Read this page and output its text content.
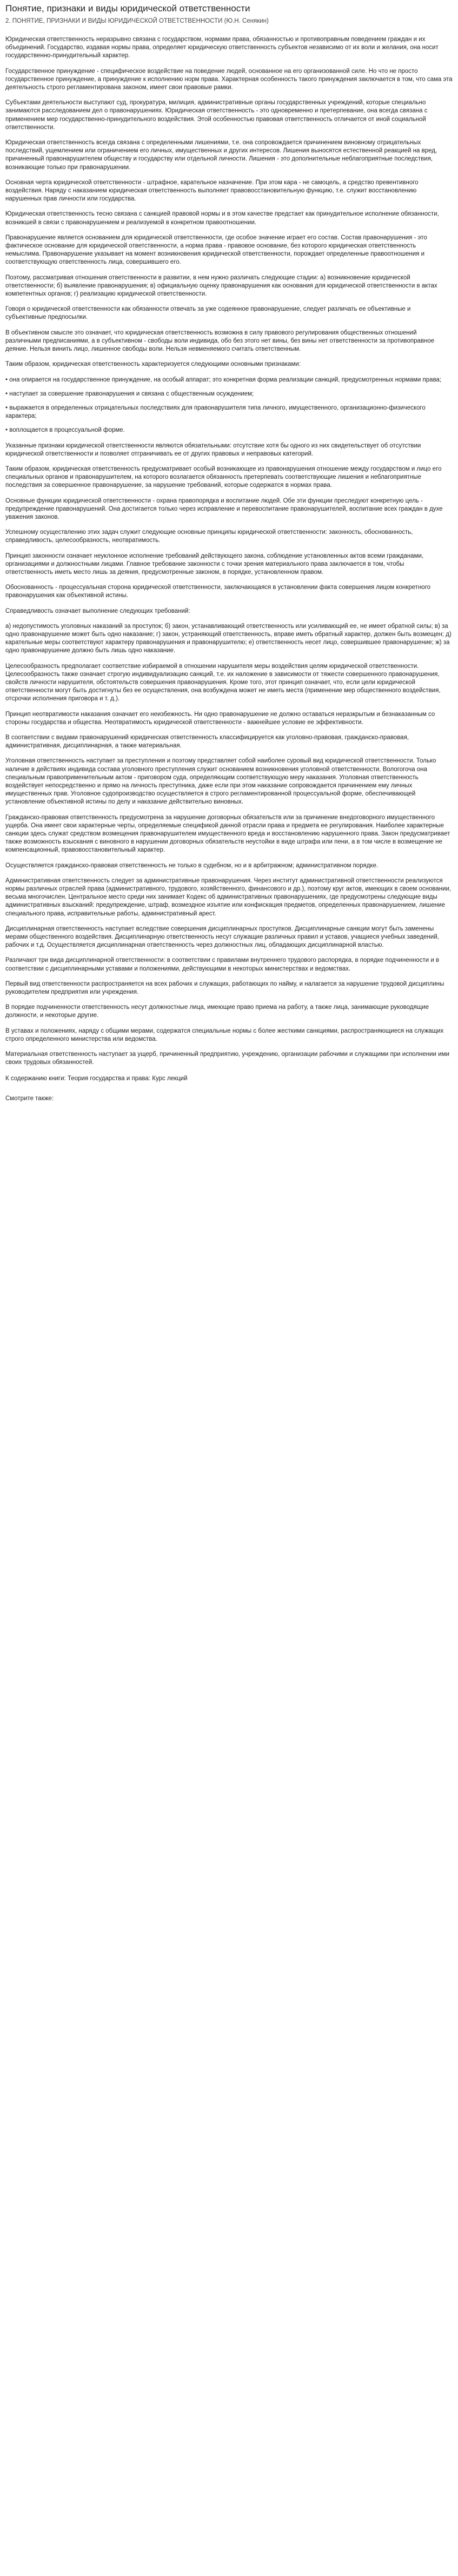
Понятие, признаки и виды юридической ответственности
2. ПОНЯТИЕ, ПРИЗНАКИ И ВИДЫ ЮРИДИЧЕСКОЙ ОТВЕТСТВЕННОСТИ (Ю.Н. Сенякин)

Юридическая ответственность неразрывно связана с государством, нормами права, обязанностью и противоправным поведением граждан и их объединений. Государство, издавая нормы права, определяет юридическую ответственность субъектов независимо от их воли и желания, она носит государственно-принудительный характер.

Государственное принуждение - специфическое воздействие на поведение людей, основанное на его организованной силе. Но что не просто государственное принуждение, а принуждение к исполнению норм права. Характерная особенность такого принуждения заключается в том, что сама эта деятельность строго регламентирована законом, имеет свои правовые рамки.

Субъектами деятельности выступают суд, прокуратура, милиция, административные органы государственных учреждений, которые специально занимаются расследованием дел о правонарушениях. Юридическая ответственность - это одновременно и претерпевание, она всегда связана с применением мер государственно-принудительного воздействия. Этой особенностью правовая ответственность отличается от иной социальной ответственности.

Юридическая ответственность всегда связана с определенными лишениями, т.е. она сопровождается причинением виновному отрицательных последствий, ущемлением или ограничением его личных, имущественных и других интересов. Лишения выносятся естественной реакцией на вред, причиненный правонарушителем обществу и государству или отдельной личности. Лишения - это дополнительные неблагоприятные последствия, возникающие только при правонарушении.

Основная черта юридической ответственности - штрафное, карательное назначение. При этом кара - не самоцель, а средство превентивного воздействия. Наряду с наказанием юридическая ответственность выполняет правовосстановительную функцию, т.е. служит восстановлению нарушенных прав личности или государства.

Юридическая ответственность тесно связана с санкцией правовой нормы и в этом качестве предстает как принудительное исполнение обязанности, возникшей в связи с правонарушением и реализуемой в конкретном правоотношении.

Правонарушение является основанием для юридической ответственности, где особое значение играет его состав. Состав правонарушения - это фактическое основание для юридической ответственности, а норма права - правовое основание, без которого юридическая ответственность немыслима. Правонарушение указывает на момент возникновения юридической ответственности, порождает определенные правоотношения и соответствующую ответственность лица, совершившего его.

Поэтому, рассматривая отношения ответственности в развитии, в нем нужно различать следующие стадии: а) возникновение юридической ответственности; б) выявление правонарушения; в) официальную оценку правонарушения как основания для юридической ответственности в актах компетентных органов; г) реализацию юридической ответственности.

Говоря о юридической ответственности как обязанности отвечать за уже содеянное правонарушение, следует различать ее объективные и субъективные предпосылки.

В объективном смысле это означает, что юридическая ответственность возможна в силу правового регулирования общественных отношений различными предписаниями, а в субъективном - свободы воли индивида, обо без этого нет вины, без вины нет ответственности за противоправное деяние. Нельзя винить лицо, лишенное свободы воли. Нельзя невменяемого считать ответственным.

Таким образом, юридическая ответственность характеризуется следующими основными признаками:

• она опирается на государственное принуждение, на особый аппарат; это конкретная форма реализации санкций, предусмотренных нормами права;
• наступает за совершение правонарушения и связана с общественным осуждением;
• выражается в определенных отрицательных последствиях для правонарушителя типа личного, имущественного, организационно-физического характера;
• воплощается в процессуальной форме.

Указанные признаки юридической ответственности являются обязательными: отсутствие хотя бы одного из них свидетельствует об отсутствии юридической ответственности и позволяет отграничивать ее от других правовых и неправовых категорий.

Таким образом, юридическая ответственность предусматривает особый возникающее из правонарушения отношение между государством и лицо его специальных органов и правонарушителем, на которого возлагается обязанность претерпевать соответствующие лишения и неблагоприятные последствия за совершенное правонарушение, за нарушение требований, которые содержатся в нормах права.

Основные функции юридической ответственности - охрана правопорядка и воспитание людей. Обе эти функции преследуют конкретную цель - предупреждение правонарушений. Она достигается только через исправление и перевоспитание правонарушителей, воспитание всех граждан в духе уважения законов.

Успешному осуществлению этих задач служит следующие основные принципы юридической ответственности: законность, обоснованность, справедливость, целесообразность, неотвратимость.

Принцип законности означает неуклонное исполнение требований действующего закона, соблюдение установленных актов всеми гражданами, организациями и должностными лицами. Главное требование законности с точки зрения материального права заключается в том, чтобы ответственность иметь место лишь за деяния, предусмотренные законом, в порядке, установленном правом.

Обоснованность - процессуальная сторона юридической ответственности, заключающаяся в установлении факта совершения лицом конкретного правонарушения как объективной истины.

Справедливость означает выполнение следующих требований:

а) недопустимость уголовных наказаний за проступок; б) закон, устанавливающий ответственность или усиливающий ее, не имеет обратной силы; в) за одно правонарушение может быть одно наказание; г) закон, устраняющий ответственность, вправе иметь обратный характер, должен быть возмещен; д) карательные меры соответствуют характеру правонарушения и правонарушителю; е) ответственность несет лицо, совершившее правонарушение; ж) за одно правонарушение должно быть лишь одно наказание.

Целесообразность предполагает соответствие избираемой в отношении нарушителя меры воздействия целям юридической ответственности. Целесообразность также означает строгую индивидуализацию санкций, т.е. их наложение в зависимости от тяжести совершенного правонарушения, свойств личности нарушителя, обстоятельств совершения правонарушения. Кроме того, этот принцип означает, что, если цели юридической ответственности могут быть достигнуты без ее осуществления, она возбуждена может не иметь места (применение мер общественного воздействия, отсрочки исполнения приговора и т. д.).

Принцип неотвратимости наказания означает его неизбежность. Ни одно правонарушение не должно оставаться неразкрытым и безнаказанным со стороны государства и общества. Неотвратимость юридической ответственности - важнейшее условие ее эффективности.

В соответствии с видами правонарушений юридическая ответственность классифицируется как уголовно-правовая, гражданско-правовая, административная, дисциплинарная, а также материальная.

Уголовная ответственность наступает за преступления и поэтому представляет собой наиболее суровый вид юридической ответственности. Только наличие в действиях индивида состава уголовного преступления служит основанием возникновения уголовной ответственности. Вологогоча она специальным правоприменительным актом - приговором суда, определяющим соответствующую меру наказания. Уголовная ответственность воздействует непосредственно и прямо на личность преступника, даже если при этом наказание сопровождается причинением ему личных имущественных прав. Уголовное судопроизводство осуществляется в строго регламентированной процессуальной форме, обеспечивающей установление объективной истины по делу и наказание действительно виновных.

Гражданско-правовая ответственность предусмотрена за нарушение договорных обязательств или за причинение внедоговорного имущественного ущерба. Она имеет свои характерные черты, определяемые спецификой данной отрасли права и предмета ее регулирования. Наиболее характерные санкции здесь служат средством возмещения правонарушителем имущественного вреда и восстановлению нарушенного права. Закон предусматривает также возможность взыскания с виновного в нарушении договорных обязательств неустойки в виде штрафа или пени, а в том числе в возмещение не компенсационный, правовосстановительный характер.

Осуществляется гражданско-правовая ответственность не только в судебном, но и в арбитражном; административном порядке.

Административная ответственность следует за административные правонарушения. Через институт административной ответственности реализуются нормы различных отраслей права (административного, трудового, хозяйственного, финансового и др.), поэтому круг актов, имеющих в своем основании, весьма многочислен. Центральное место среди них занимает Кодекс об административных правонарушениях, где предусмотрены следующие виды административных взысканий: предупреждение, штраф, возмездное изъятие или конфискация предметов, определенных правонарушением, лишение специального права, исправительные работы, административный арест.

Дисциплинарная ответственность наступает вследствие совершения дисциплинарных проступков. Дисциплинарные санкции могут быть заменены мерами общественного воздействия. Дисциплинарную ответственность несут служащие различных правил и уставов, учащиеся учебных заведений, рабочих и т.д. Осуществляется дисциплинарная ответственность через должностных лиц, обладающих дисциплинарной властью.

Различают три вида дисциплинарной ответственности: в соответствии с правилами внутреннего трудового распорядка, в порядке подчиненности и в соответствии с дисциплинарными уставами и положениями, действующими в некоторых министерствах и ведомствах.

Первый вид ответственности распространяется на всех рабочих и служащих, работающих по найму, и налагается за нарушение трудовой дисциплины руководителем предприятия или учреждения.

В порядке подчиненности ответственность несут должностные лица, имеющие право приема на работу, а также лица, занимающие руководящие должности, и некоторые другие.

В уставах и положениях, наряду с общими мерами, содержатся специальные нормы с более жесткими санкциями, распространяющиеся на служащих строго определенного министерства или ведомства.

Материальная ответственность наступает за ущерб, причиненный предприятию, учреждению, организации рабочими и служащими при исполнении ими своих трудовых обязанностей.

К содержанию книги: Теория государства и права: Курс лекций

Смотрите также:
